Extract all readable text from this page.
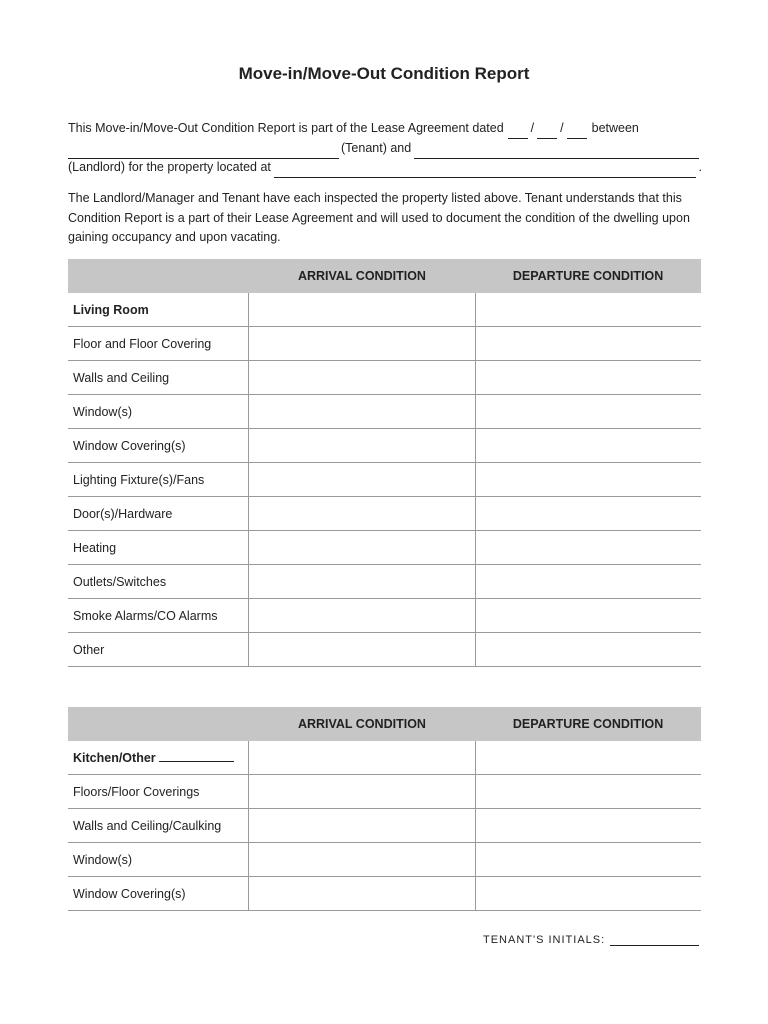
Move-in/Move-Out Condition Report
This Move-in/Move-Out Condition Report is part of the Lease Agreement dated / / between
(Tenant) and
(Landlord) for the property located at	.
The Landlord/Manager and Tenant have each inspected the property listed above. Tenant understands that this Condition Report is a part of their Lease Agreement and will used to document the condition of the dwelling upon gaining occupancy and upon vacating.
	ARRIVAL CONDITION	DEPARTURE CONDITION
Living Room		
Floor and Floor Covering		
Walls and Ceiling		
Window(s)		
Window Covering(s)		
Lighting Fixture(s)/Fans		
Door(s)/Hardware		
Heating		
Outlets/Switches		
Smoke Alarms/CO Alarms		
Other		
	ARRIVAL CONDITION	DEPARTURE CONDITION
Kitchen/Other		
Floors/Floor Coverings		
Walls and Ceiling/Caulking		
Window(s)		
Window Covering(s)		
TENANT'S INITIALS:
